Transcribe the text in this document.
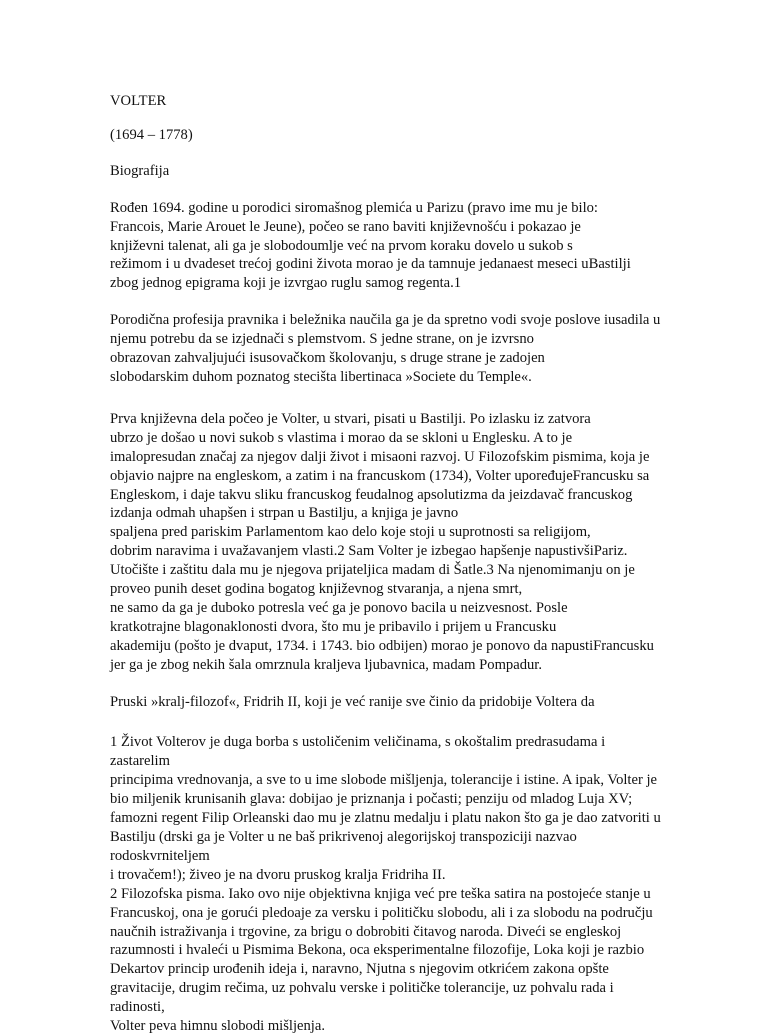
VOLTER
(1694 – 1778)
Biografija
Rođen 1694. godine u porodici siromašnog plemića u Parizu (pravo ime mu je bilo:
Francois, Marie Arouet le Jeune), počeo se rano baviti književnošću i pokazao je
književni talenat, ali ga je slobodoumlje već na prvom koraku dovelo u sukob s
režimom i u dvadeset trećoj godini života morao je da tamnuje jedanaest meseci uBastilji
zbog jednog epigrama koji je izvrgao ruglu samog regenta.1
Porodična profesija pravnika i beležnika naučila ga je da spretno vodi svoje poslove iusadila u
njemu potrebu da se izjednači s plemstvom. S jedne strane, on je izvrsno
obrazovan zahvaljujući isusovačkom školovanju, s druge strane je zadojen
slobodarskim duhom poznatog stecišta libertinaca »Societe du Temple«.
Prva književna dela počeo je Volter, u stvari, pisati u Bastilji. Po izlasku iz zatvora
ubrzo je došao u novi sukob s vlastima i morao da se skloni u Englesku. A to je
imalopresudan značaj za njegov dalji život i misaoni razvoj. U Filozofskim pismima, koja je
objavio najpre na engleskom, a zatim i na francuskom (1734), Volter upoređujeFrancusku sa
Engleskom, i daje takvu sliku francuskog feudalnog apsolutizma da jeizdavač francuskog
izdanja odmah uhapšen i strpan u Bastilju, a knjiga je javno
spaljena pred pariskim Parlamentom kao delo koje stoji u suprotnosti sa religijom,
dobrim naravima i uvažavanjem vlasti.2 Sam Volter je izbegao hapšenje napustivšiPariz.
Utočište i zaštitu dala mu je njegova prijateljica madam di Šatle.3 Na njenomimanju on je
proveo punih deset godina bogatog književnog stvaranja, a njena smrt,
ne samo da ga je duboko potresla već ga je ponovo bacila u neizvesnost. Posle
kratkotrajne blagonaklonosti dvora, što mu je pribavilo i prijem u Francusku
akademiju (pošto je dvaput, 1734. i 1743. bio odbijen) morao je ponovo da napustiFrancusku
jer ga je zbog nekih šala omrznula kraljeva ljubavnica, madam Pompadur.
Pruski »kralj-filozof«, Fridrih II, koji je već ranije sve činio da pridobije Voltera da
1 Život Volterov je duga borba s ustoličenim veličinama, s okoštalim predrasudama i
zastarelim
principima vrednovanja, a sve to u ime slobode mišljenja, tolerancije i istine. A ipak, Volter je
bio miljenik krunisanih glava: dobijao je priznanja i počasti; penziju od mladog Luja XV;
famozni regent Filip Orleanski dao mu je zlatnu medalju i platu nakon što ga je dao zatvoriti u
Bastilju (drski ga je Volter u ne baš prikrivenoj alegorijskoj transpoziciji nazvao
rodoskvrniteljem
i trovačem!); živeo je na dvoru pruskog kralja Fridriha II.
2 Filozofska pisma. Iako ovo nije objektivna knjiga već pre teška satira na postojeće stanje u
Francuskoj, ona je gorući pledoaje za versku i političku slobodu, ali i za slobodu na području
naučnih istraživanja i trgovine, za brigu o dobrobiti čitavog naroda. Diveći se engleskoj
razumnosti i hvaleći u Pismima Bekona, oca eksperimentalne filozofije, Loka koji je razbio
Dekartov princip urođenih ideja i, naravno, Njutna s njegovim otkrićem zakona opšte
gravitacije, drugim rečima, uz pohvalu verske i političke tolerancije, uz pohvalu rada i
radinosti,
Volter peva himnu slobodi mišljenja.
